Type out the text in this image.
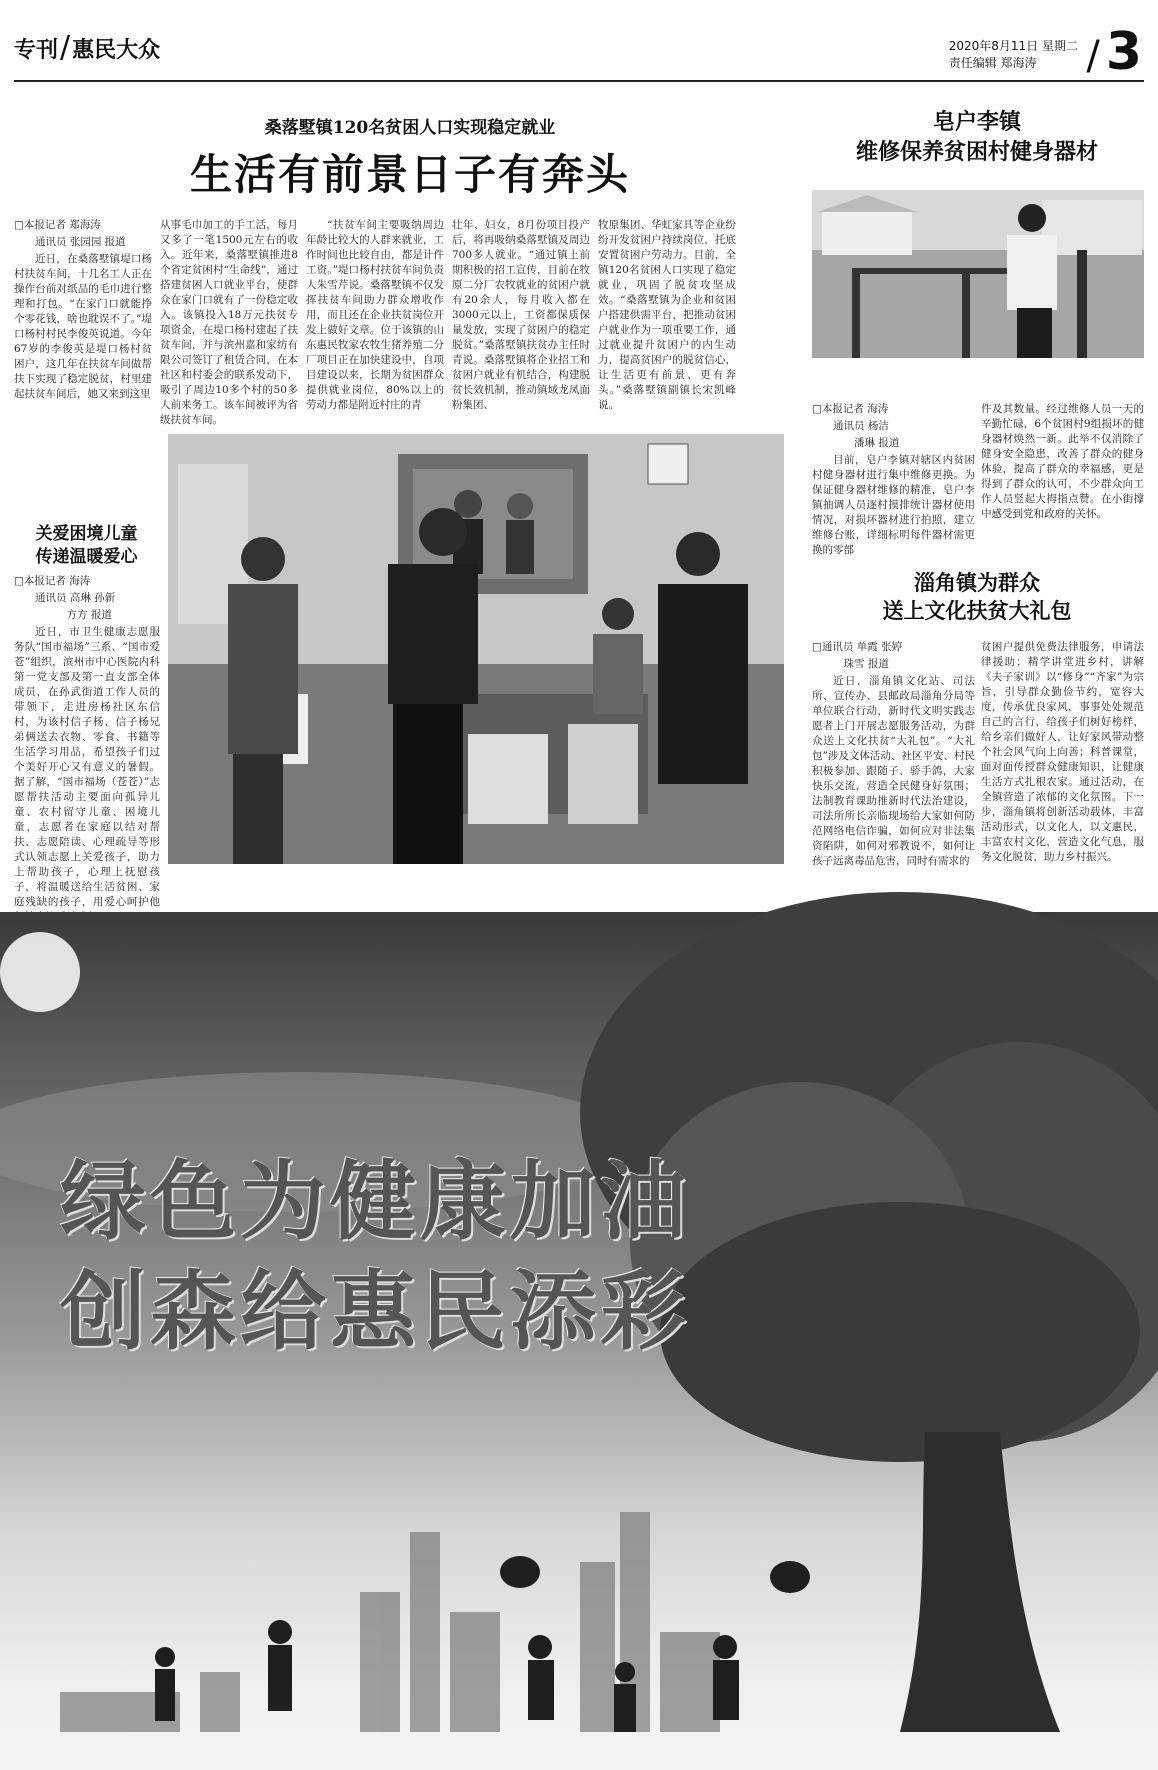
专刊/惠民大众	2020年8月11日 星期二
责任编辑 郑海涛	/ 3
桑落墅镇120名贫困人口实现稳定就业
生活有前景日子有奔头
□本报记者 郑海涛
通讯员 张园园 报道

近日，在桑落墅镇堤口杨村扶贫车间，十几名工人正在操作台前对纸品的毛巾进行整理和打包。“在家门口就能挣个零花钱，啥也耽误不了。”堤口杨村村民李俊英说道。今年67岁的李俊英是堤口杨村贫困户，这几年在扶贫车间做帮扶下实现了稳定脱贫，村里建起扶贫车间后，她又来到这里

从事毛巾加工的手工活，每月又多了一笔1500元左右的收入。近年来，桑落墅镇推进8个省定贫困村“生命线”，通过搭建贫困人口就业平台，使群众在家门口就有了一份稳定收入。该镇投入18万元扶贫专项资金，在堤口杨村建起了扶贫车间，并与滨州嘉和家纺有限公司签订了租赁合同，在本社区和村委会的联系发动下，吸引了周边10多个村的50多人前来务工。该车间被评为省级扶贫车间。

“扶贫车间主要吸纳周边年龄比较大的人群来就业，工作时间也比较自由，都是计件工资。”堤口杨村扶贫车间负责人朱雪芹说。桑落墅镇不仅发挥扶贫车间助力群众增收作用，而且还在企业扶贫岗位开发上做好文章。位于该镇的山东惠民牧家农牧生猪养殖二分厂项目正在加快建设中，自项目建设以来，长期为贫困群众提供就业岗位，80%以上的劳动力都是附近村庄的青

壮年、妇女，8月份项目投产后，将再吸纳桑落墅镇及周边700多人就业。“通过镇上前期积极的招工宣传，目前在牧原二分厂农牧就业的贫困户就有20余人，每月收入都在3000元以上，工资都保质保量发放，实现了贫困户的稳定脱贫。”桑落墅镇扶贫办主任时青说。桑落墅镇将企业招工和贫困户就业有机结合，构建脱贫长效机制，推动镇域龙凤面粉集团、

牧原集团、华虹家具等企业纷纷开发贫困户持续岗位，托底安置贫困户劳动力。目前，全镇120名贫困人口实现了稳定就业，巩固了脱贫攻坚成效。“桑落墅镇为企业和贫困户搭建供需平台，把推动贫困户就业作为一项重要工作，通过就业提升贫困户的内生动力，提高贫困户的脱贫信心，让生活更有前景、更有奔头。”桑落墅镇副镇长宋凯峰说。

关爱困境儿童
传递温暖爱心
□本报记者 海涛
通讯员 高琳 孙新
方方 报道

近日，市卫生健康志愿服务队“国市福场”三系、“国市爱苍”组织，滨州市中心医院内科第一党支部及第一直支部全体成员，在孙武街道工作人员的带领下，走进房杨社区东信村，为该村信子杨、信子杨兄弟俩送去衣物、零食、书籍等生活学习用品，希望孩子们过个美好开心又有意义的暑假。据了解，“国市福场（苍苍）”志愿帮扶活动主要面向孤异儿童、农村留守儿童、困境儿童，志愿者在家庭以结对帮扶、志愿陪读、心理疏导等形式认领志愿上关爱孩子，助力上帮助孩子，心理上抚慰孩子，将温暖送给生活贫困、家庭残缺的孩子，用爱心呵护他

皂户李镇
维修保养贫困村健身器材
□本报记者 海涛
通讯员 杨洁
潘琳 报道

目前，皂户李镇对辖区内贫困村健身器材进行集中维修更换。为保证健身器材维修的精准，皂户李镇抽调人员逐村摸排统计器材使用情况，对损坏器材进行拍照，建立维修台账，详细标明每件器材需更换的零部

件及其数量。经过维修人员一天的辛勤忙碌，6个贫困村9组损坏的健身器材焕然一新。此举不仅消除了健身安全隐患，改善了群众的健身体验，提高了群众的幸福感，更是得到了群众的认可，不少群众向工作人员竖起大拇指点赞。在小街撑中感受到党和政府的关怀。

淄角镇为群众
送上文化扶贫大礼包
□通讯员 单霞 张婷
珠雪 报道

近日，淄角镇文化站、司法所、宣传办、县邮政局淄角分局等单位联合行动，新时代文明实践志愿者上门开展志愿服务活动，为群众送上文化扶贫“大礼包”。“大礼包”涉及文体活动、社区平安、村民积极参加、跟随子、骄手鸽，大家快乐交流，营造全民健身好氛围；法制教育课助推新时代法治建设，司法所所长亲临现场给大家如何防范网络电信诈骗，如何应对非法集资陷阱，如何对邪教说不，如何让孩子远离毒品危害，同时有需求的

贫困户提供免费法律服务，申请法律援助；精学讲堂进乡村，讲解《夫子家训》以“修身”“齐家”为宗旨，引导群众勤俭节约，宽容大度，传承优良家风，事事处处规范自己的言行，给孩子们树好榜样，给乡亲们做好人，让好家风带动整个社会风气向上向善；科普课堂，面对面传授群众健康知识，让健康生活方式扎根农家。通过活动，在全镇营造了浓郁的文化氛围。下一步，淄角镇将创新活动载体，丰富活动形式，以文化人，以文惠民，丰富农村文化，营造文化气息，服务文化脱贫，助力乡村振兴。

绿色为健康加油
创森给惠民添彩
